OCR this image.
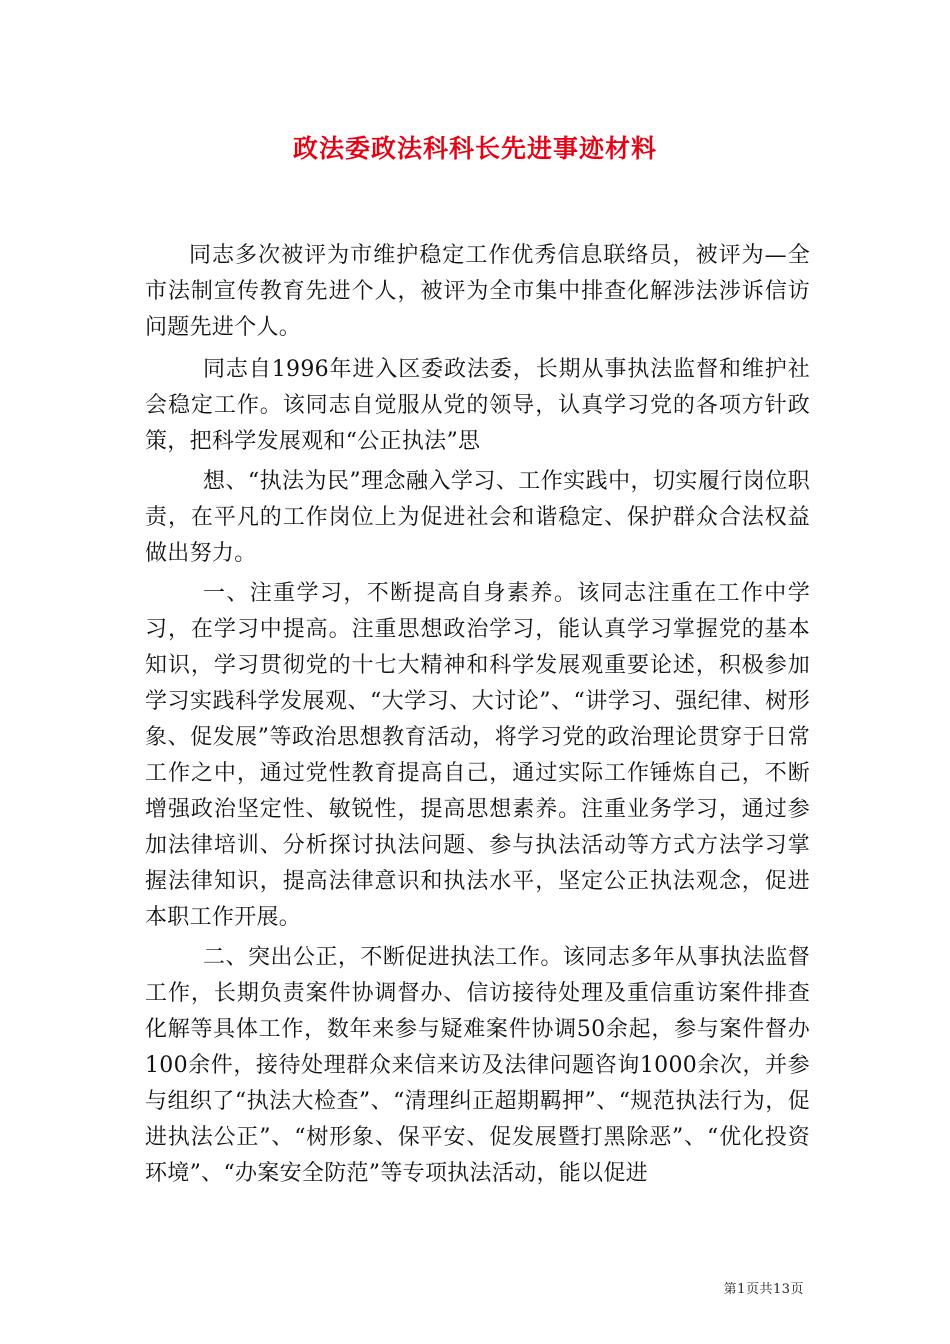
政法委政法科科长先进事迹材料

同志多次被评为市维护稳定工作优秀信息联络员，被评为—全市法制宣传教育先进个人，被评为全市集中排查化解涉法涉诉信访问题先进个人。

同志自1996年进入区委政法委，长期从事执法监督和维护社会稳定工作。该同志自觉服从党的领导，认真学习党的各项方针政策，把科学发展观和“公正执法”思

想、“执法为民”理念融入学习、工作实践中，切实履行岗位职责，在平凡的工作岗位上为促进社会和谐稳定、保护群众合法权益做出努力。

一、注重学习，不断提高自身素养。该同志注重在工作中学习，在学习中提高。注重思想政治学习，能认真学习掌握党的基本知识，学习贯彻党的十七大精神和科学发展观重要论述，积极参加学习实践科学发展观、“大学习、大讨论”、“讲学习、强纪律、树形象、促发展”等政治思想教育活动，将学习党的政治理论贯穿于日常工作之中，通过党性教育提高自己，通过实际工作锤炼自己，不断增强政治坚定性、敏锐性，提高思想素养。注重业务学习，通过参加法律培训、分析探讨执法问题、参与执法活动等方式方法学习掌握法律知识，提高法律意识和执法水平，坚定公正执法观念，促进本职工作开展。

二、突出公正，不断促进执法工作。该同志多年从事执法监督工作，长期负责案件协调督办、信访接待处理及重信重访案件排查化解等具体工作，数年来参与疑难案件协调50余起，参与案件督办100余件，接待处理群众来信来访及法律问题咨询1000余次，并参与组织了“执法大检查”、“清理纠正超期羁押”、“规范执法行为，促进执法公正”、“树形象、保平安、促发展暨打黑除恶”、“优化投资环境”、“办案安全防范”等专项执法活动，能以促进

第1页共13页
